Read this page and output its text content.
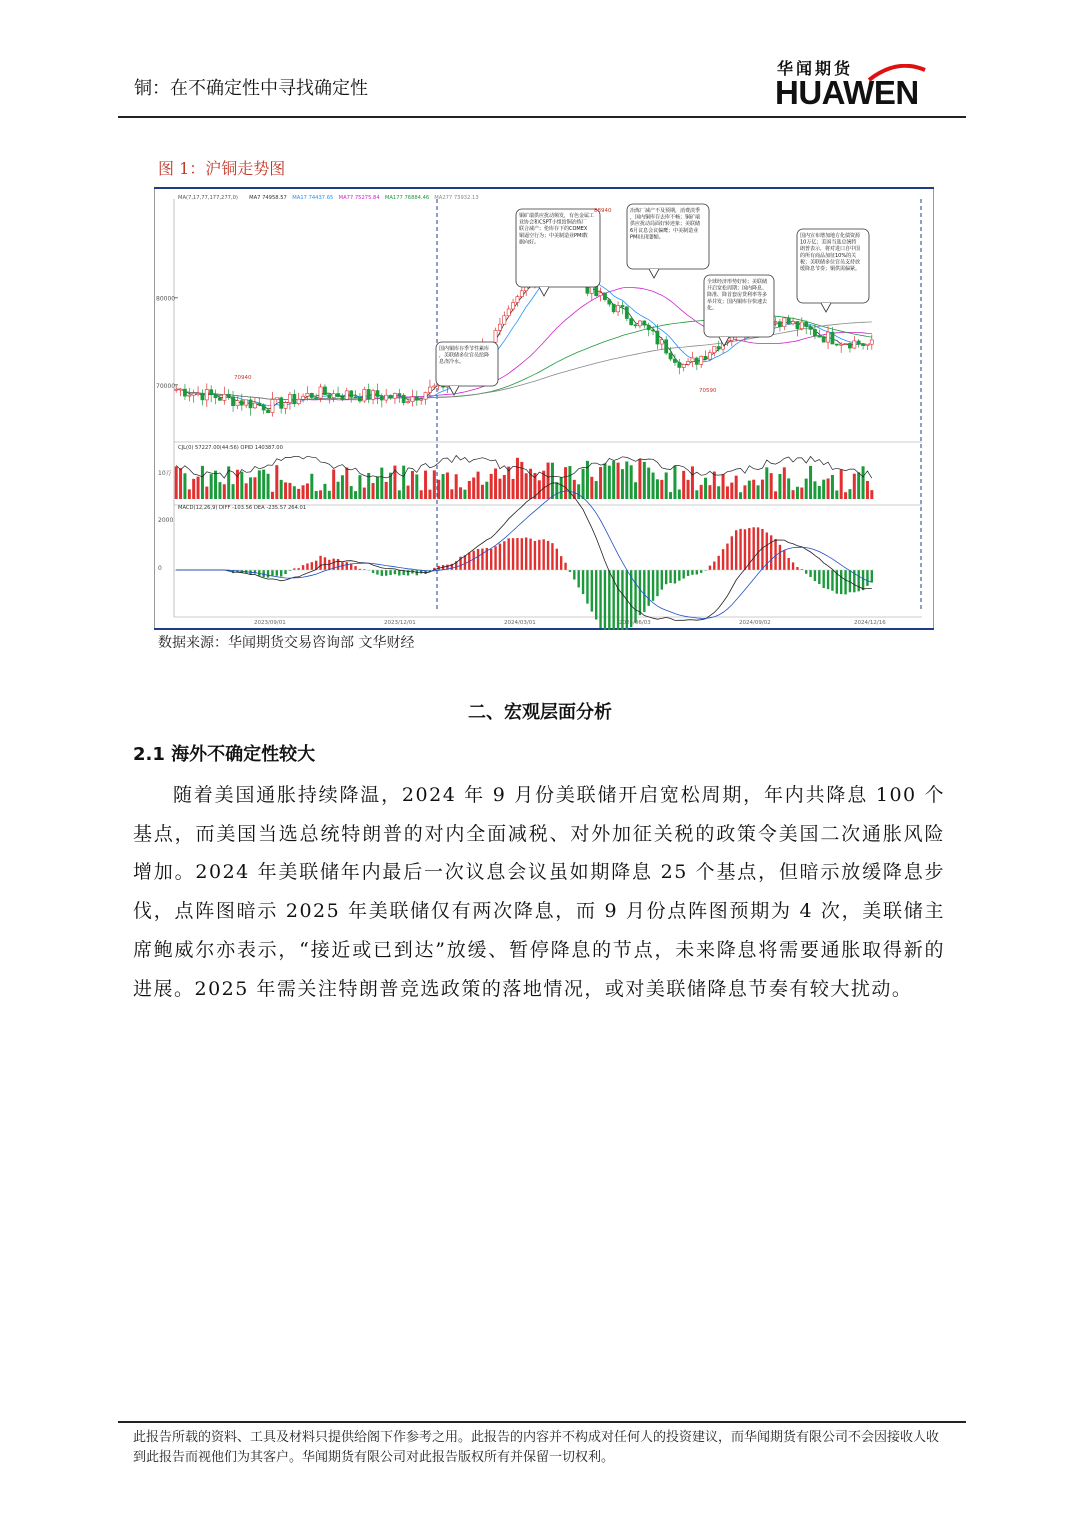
铜：在不确定性中寻找确定性
华闻期货
HUAWEN
图 1：沪铜走势图
国内铜库存季节性累库，美联储多位官员给降息浇冷水。
铜矿端供应扰动频发，有色金属工业协会和CSPT小组给铜冶炼厂联合减产；伦库存下的COMEX 铜逼空行为；中美制造业PMI数据向好。
冶炼厂减产不及预期，消费淡季，国内铜库存去库不畅；铜矿端供应扰动局面好转迹象；美联储 6月议息会议偏鹰；中美制造业 PMI出现萎缩。
全球经济形势好转；美联储开启宽松周期；国内降息、降准、降首套房贷利率等多举并发；国内铜库存快速去化。
国内宣布增加地方化债资源 10万亿；美国当选总统特朗普表示，将对进口自中国的所有商品加征10%的关税；美联储多位官员支持放缓降息节奏；铜供需偏紧。
80000
70000
2000
0
10万
MA(7,17,77,177,277,0) MA7 74958.57 MA17 74437.65 MA77 75275.84 MA177 76884.46 MA277 73932.13
CJL(0) 57227.00(44:56) OPID 140387.00
MACD(12,26,9) DIFF -103.56 DEA -235.57 264.01
70940
88940
70590
2023/09/01	2023/12/01	2024/03/01	2024/06/03	2024/09/02	2024/12/16
数据来源：华闻期货交易咨询部 文华财经
二、宏观层面分析
2.1 海外不确定性较大

随着美国通胀持续降温，2024 年 9 月份美联储开启宽松周期，年内共降息 100 个基点，而美国当选总统特朗普的对内全面减税、对外加征关税的政策令美国二次通胀风险增加。2024 年美联储年内最后一次议息会议虽如期降息 25 个基点，但暗示放缓降息步伐，点阵图暗示 2025 年美联储仅有两次降息，而 9 月份点阵图预期为 4 次，美联储主席鲍威尔亦表示，“接近或已到达”放缓、暂停降息的节点，未来降息将需要通胀取得新的进展。2025 年需关注特朗普竞选政策的落地情况，或对美联储降息节奏有较大扰动。

此报告所载的资料、工具及材料只提供给阁下作参考之用。此报告的内容并不构成对任何人的投资建议，而华闻期货有限公司不会因接收人收到此报告而视他们为其客户。华闻期货有限公司对此报告版权所有并保留一切权利。
